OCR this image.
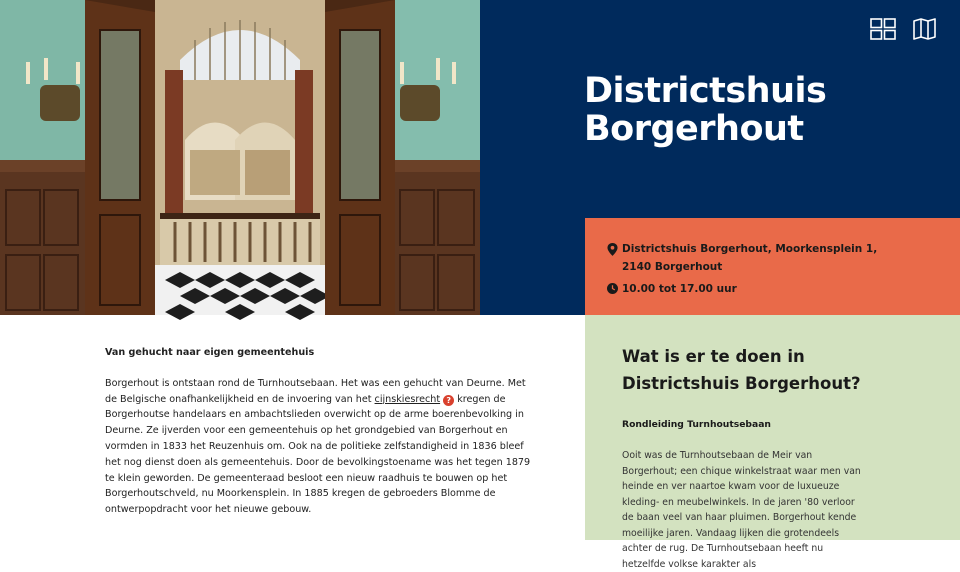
Districtshuis
Borgerhout
Districtshuis Borgerhout, Moorkensplein 1,
2140 Borgerhout
10.00 tot 17.00 uur
Van gehucht naar eigen gemeentehuis

Borgerhout is ontstaan rond de Turnhoutsebaan. Het was een gehucht van Deurne. Met de Belgische onafhankelijkheid en de invoering van het cijnskiesrecht ? kregen de Borgerhoutse handelaars en ambachtslieden overwicht op de arme boerenbevolking in Deurne. Ze ijverden voor een gemeentehuis op het grondgebied van Borgerhout en vormden in 1833 het Reuzenhuis om. Ook na de politieke zelfstandigheid in 1836 bleef het nog dienst doen als gemeentehuis. Door de bevolkingstoename was het tegen 1879 te klein geworden. De gemeenteraad besloot een nieuw raadhuis te bouwen op het Borgerhoutschveld, nu Moorkensplein. In 1885 kregen de gebroeders Blomme de ontwerpopdracht voor het nieuwe gebouw.

Wat is er te doen in Districtshuis Borgerhout?
Rondleiding Turnhoutsebaan

Ooit was de Turnhoutsebaan de Meir van Borgerhout; een chique winkelstraat waar men van heinde en ver naartoe kwam voor de luxueuze kleding- en meubelwinkels. In de jaren '80 verloor de baan veel van haar pluimen. Borgerhout kende moeilijke jaren. Vandaag lijken die grotendeels achter de rug. De Turnhoutsebaan heeft nu hetzelfde volkse karakter als
